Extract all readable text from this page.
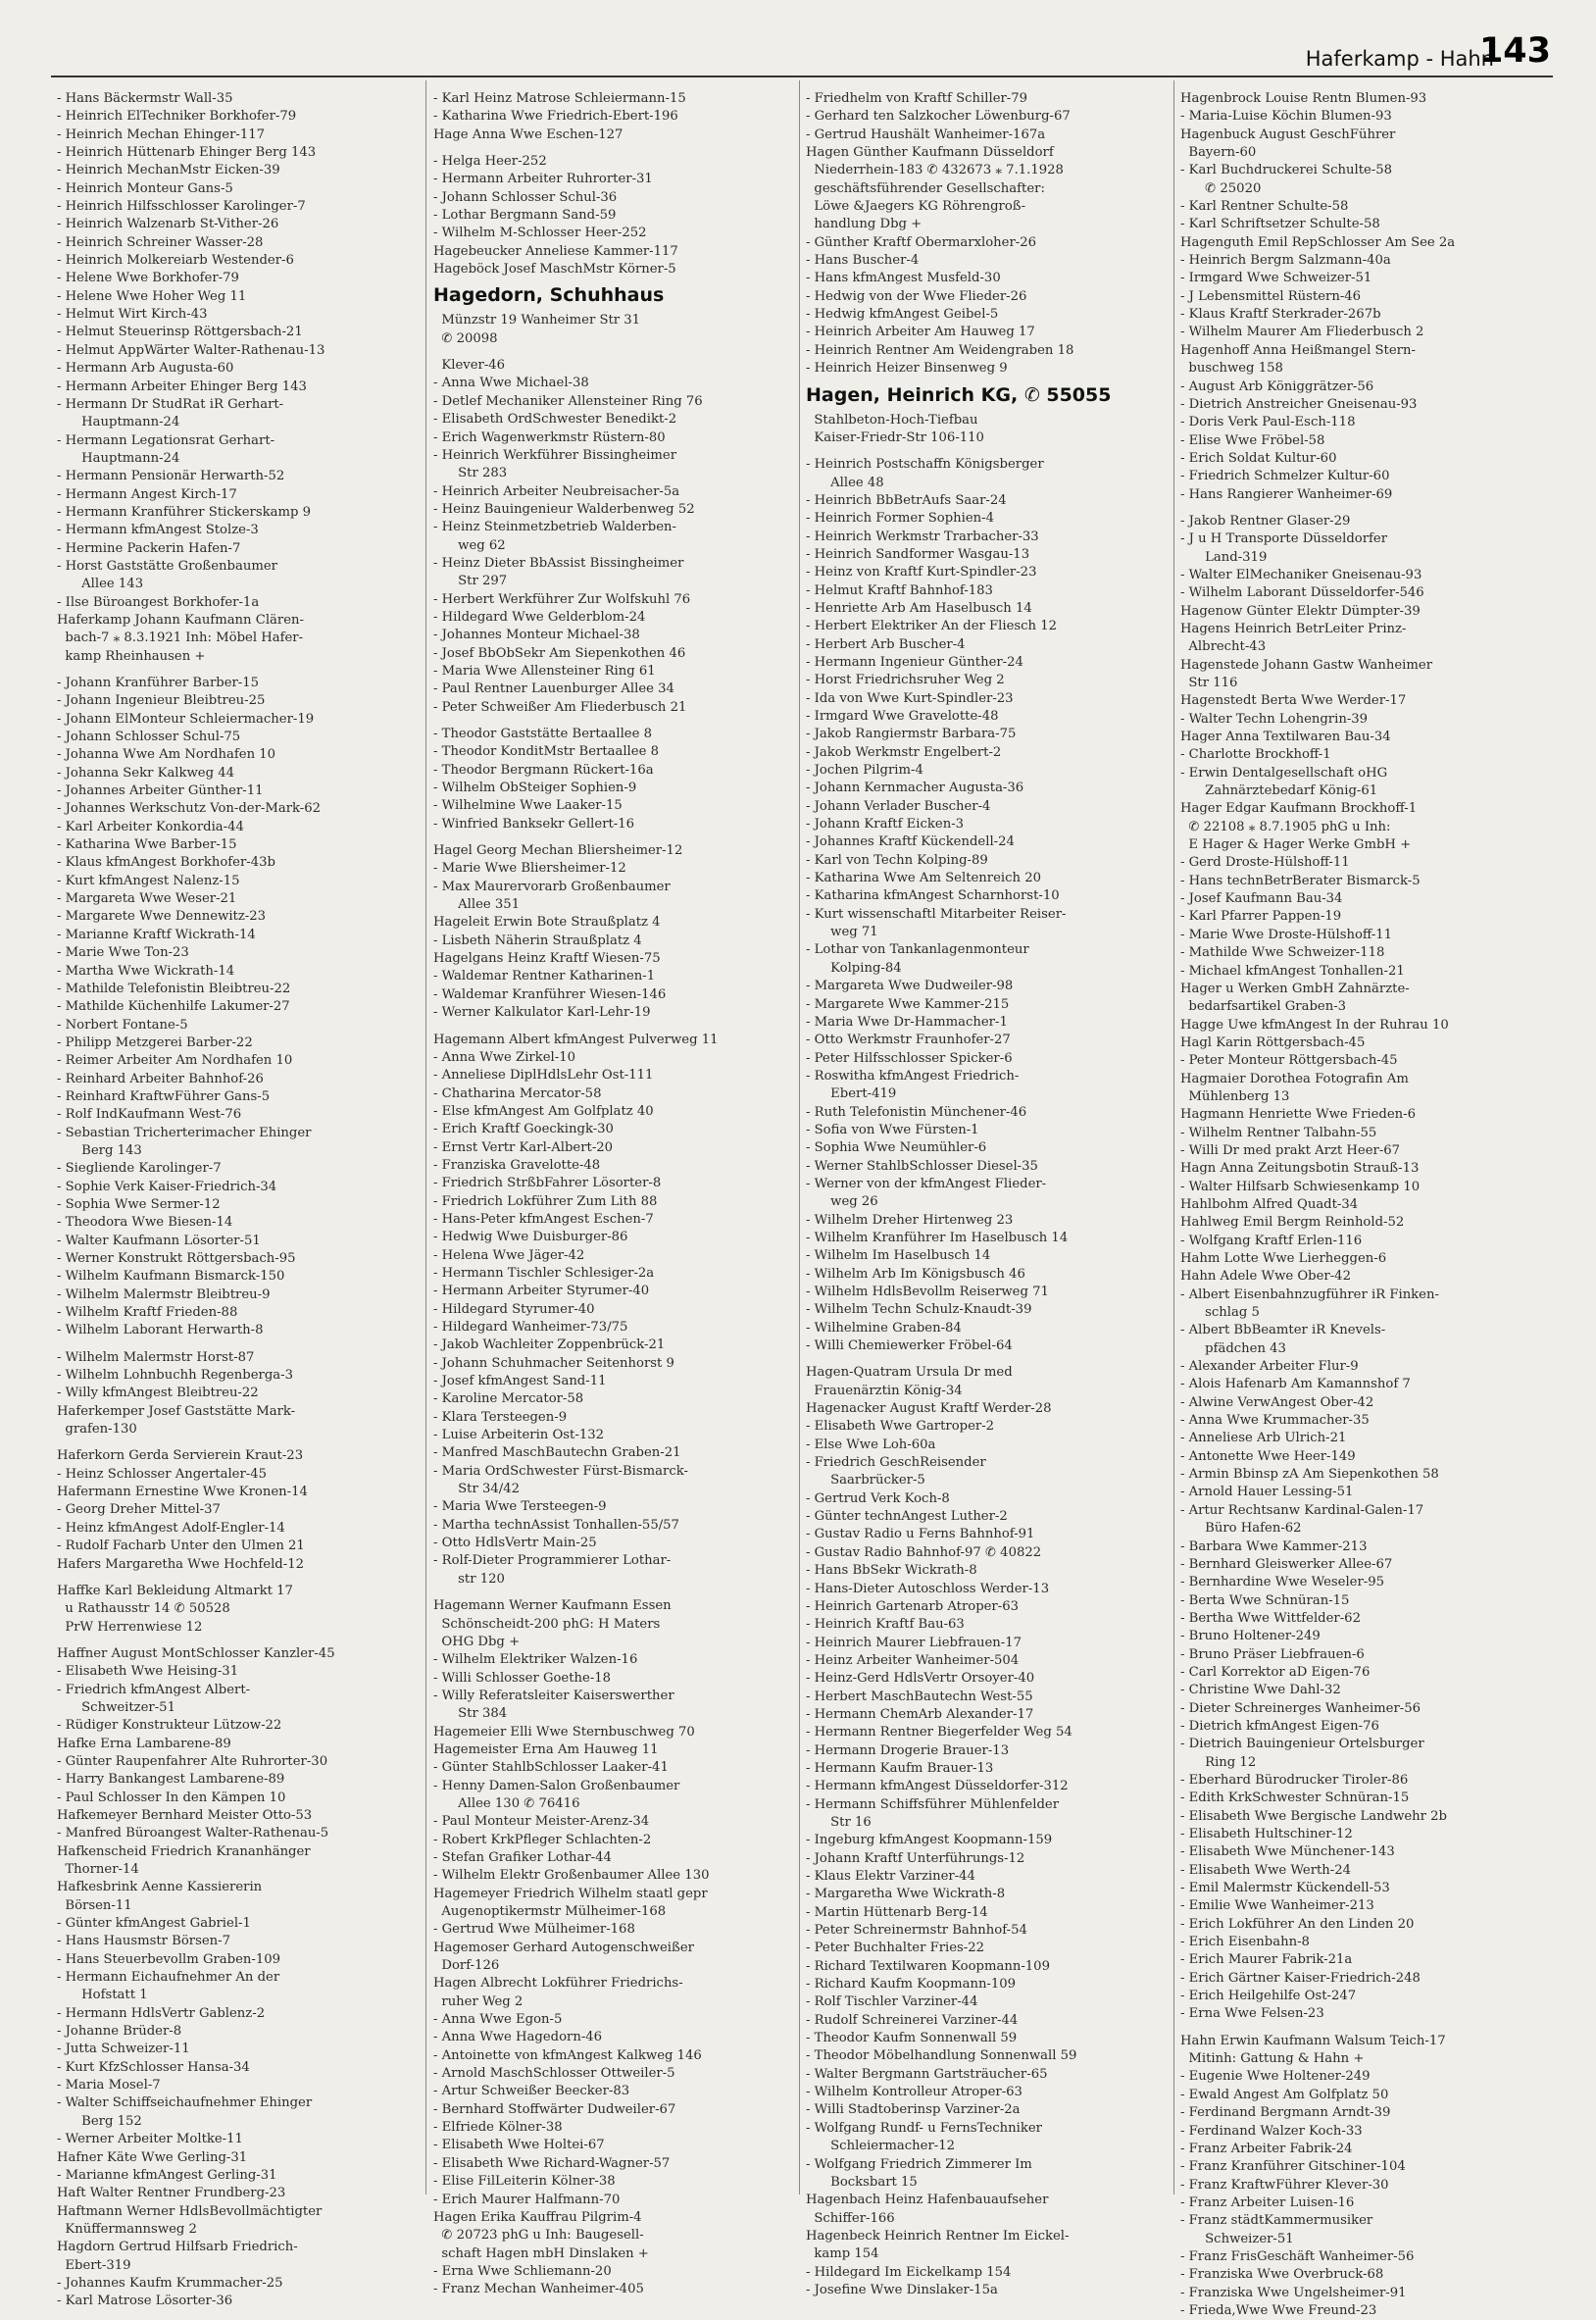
Haferkamp - Hahn
143
- Hans Bäckermstr Wall-35
- Heinrich ElTechniker Borkhofer-79
- Heinrich Mechan Ehinger-117
- Heinrich Hüttenarb Ehinger Berg 143
- Heinrich MechanMstr Eicken-39
- Heinrich Monteur Gans-5
- Heinrich Hilfsschlosser Karolinger-7
- Heinrich Walzenarb St-Vither-26
- Heinrich Schreiner Wasser-28
- Heinrich Molkereiarb Westender-6
- Helene Wwe Borkhofer-79
- Helene Wwe Hoher Weg 11
- Helmut Wirt Kirch-43
- Helmut Steuerinsp Röttgersbach-21
- Helmut AppWärter Walter-Rathenau-13
- Hermann Arb Augusta-60
- Hermann Arbeiter Ehinger Berg 143
- Hermann Dr StudRat iR Gerhart-
Hauptmann-24
- Hermann Legationsrat Gerhart-
Hauptmann-24
- Hermann Pensionär Herwarth-52
- Hermann Angest Kirch-17
- Hermann Kranführer Stickerskamp 9
- Hermann kfmAngest Stolze-3
- Hermine Packerin Hafen-7
- Horst Gaststätte Großenbaumer
Allee 143
- Ilse Büroangest Borkhofer-1a
Haferkamp Johann Kaufmann Clären-
bach-7 ⁎ 8.3.1921 Inh: Möbel Hafer-
kamp Rheinhausen +
- Johann Kranführer Barber-15
- Johann Ingenieur Bleibtreu-25
- Johann ElMonteur Schleiermacher-19
- Johann Schlosser Schul-75
- Johanna Wwe Am Nordhafen 10
- Johanna Sekr Kalkweg 44
- Johannes Arbeiter Günther-11
- Johannes Werkschutz Von-der-Mark-62
- Karl Arbeiter Konkordia-44
- Katharina Wwe Barber-15
- Klaus kfmAngest Borkhofer-43b
- Kurt kfmAngest Nalenz-15
- Margareta Wwe Weser-21
- Margarete Wwe Dennewitz-23
- Marianne Kraftf Wickrath-14
- Marie Wwe Ton-23
- Martha Wwe Wickrath-14
- Mathilde Telefonistin Bleibtreu-22
- Mathilde Küchenhilfe Lakumer-27
- Norbert Fontane-5
- Philipp Metzgerei Barber-22
- Reimer Arbeiter Am Nordhafen 10
- Reinhard Arbeiter Bahnhof-26
- Reinhard KraftwFührer Gans-5
- Rolf IndKaufmann West-76
- Sebastian Tricherterimacher Ehinger
Berg 143
- Siegliende Karolinger-7
- Sophie Verk Kaiser-Friedrich-34
- Sophia Wwe Sermer-12
- Theodora Wwe Biesen-14
- Walter Kaufmann Lösorter-51
- Werner Konstrukt Röttgersbach-95
- Wilhelm Kaufmann Bismarck-150
- Wilhelm Malermstr Bleibtreu-9
- Wilhelm Kraftf Frieden-88
- Wilhelm Laborant Herwarth-8
- Wilhelm Malermstr Horst-87
- Wilhelm Lohnbuchh Regenberga-3
- Willy kfmAngest Bleibtreu-22
Haferkemper Josef Gaststätte Mark-
grafen-130
Haferkorn Gerda Servierein Kraut-23
- Heinz Schlosser Angertaler-45
Hafermann Ernestine Wwe Kronen-14
- Georg Dreher Mittel-37
- Heinz kfmAngest Adolf-Engler-14
- Rudolf Facharb Unter den Ulmen 21
Hafers Margaretha Wwe Hochfeld-12
Haffke Karl Bekleidung Altmarkt 17
u Rathausstr 14 ✆ 50528
PrW Herrenwiese 12
Haffner August MontSchlosser Kanzler-45
- Elisabeth Wwe Heising-31
- Friedrich kfmAngest Albert-
Schweitzer-51
- Rüdiger Konstrukteur Lützow-22
Hafke Erna Lambarene-89
- Günter Raupenfahrer Alte Ruhrorter-30
- Harry Bankangest Lambarene-89
- Paul Schlosser In den Kämpen 10
Hafkemeyer Bernhard Meister Otto-53
- Manfred Büroangest Walter-Rathenau-5
Hafkenscheid Friedrich Krananhänger
Thorner-14
Hafkesbrink Aenne Kassiererin
Börsen-11
- Günter kfmAngest Gabriel-1
- Hans Hausmstr Börsen-7
- Hans Steuerbevollm Graben-109
- Hermann Eichaufnehmer An der
Hofstatt 1
- Hermann HdlsVertr Gablenz-2
- Johanne Brüder-8
- Jutta Schweizer-11
- Kurt KfzSchlosser Hansa-34
- Maria Mosel-7
- Walter Schiffseichaufnehmer Ehinger
Berg 152
- Werner Arbeiter Moltke-11
Hafner Käte Wwe Gerling-31
- Marianne kfmAngest Gerling-31
Haft Walter Rentner Frundberg-23
Haftmann Werner HdlsBevollmächtigter
Knüffermannsweg 2
Hagdorn Gertrud Hilfsarb Friedrich-
Ebert-319
- Johannes Kaufm Krummacher-25
- Karl Matrose Lösorter-36
- Karl Heinz Matrose Schleiermann-15
- Katharina Wwe Friedrich-Ebert-196
Hage Anna Wwe Eschen-127
- Helga Heer-252
- Hermann Arbeiter Ruhrorter-31
- Johann Schlosser Schul-36
- Lothar Bergmann Sand-59
- Wilhelm M-Schlosser Heer-252
Hagebeucker Anneliese Kammer-117
Hageböck Josef MaschMstr Körner-5
Hagedorn, Schuhhaus
Münzstr 19 Wanheimer Str 31
✆ 20098
Klever-46
- Anna Wwe Michael-38
- Detlef Mechaniker Allensteiner Ring 76
- Elisabeth OrdSchwester Benedikt-2
- Erich Wagenwerkmstr Rüstern-80
- Heinrich Werkführer Bissingheimer
Str 283
- Heinrich Arbeiter Neubreisacher-5a
- Heinz Bauingenieur Walderbenweg 52
- Heinz Steinmetzbetrieb Walderben-
weg 62
- Heinz Dieter BbAssist Bissingheimer
Str 297
- Herbert Werkführer Zur Wolfskuhl 76
- Hildegard Wwe Gelderblom-24
- Johannes Monteur Michael-38
- Josef BbObSekr Am Siepenkothen 46
- Maria Wwe Allensteiner Ring 61
- Paul Rentner Lauenburger Allee 34
- Peter Schweißer Am Fliederbusch 21
- Theodor Gaststätte Bertaallee 8
- Theodor KonditMstr Bertaallee 8
- Theodor Bergmann Rückert-16a
- Wilhelm ObSteiger Sophien-9
- Wilhelmine Wwe Laaker-15
- Winfried Banksekr Gellert-16
Hagel Georg Mechan Bliersheimer-12
- Marie Wwe Bliersheimer-12
- Max Maurervorarb Großenbaumer
Allee 351
Hageleit Erwin Bote Straußplatz 4
- Lisbeth Näherin Straußplatz 4
Hagelgans Heinz Kraftf Wiesen-75
- Waldemar Rentner Katharinen-1
- Waldemar Kranführer Wiesen-146
- Werner Kalkulator Karl-Lehr-19
Hagemann Albert kfmAngest Pulverweg 11
- Anna Wwe Zirkel-10
- Anneliese DiplHdlsLehr Ost-111
- Chatharina Mercator-58
- Else kfmAngest Am Golfplatz 40
- Erich Kraftf Goeckingk-30
- Ernst Vertr Karl-Albert-20
- Franziska Gravelotte-48
- Friedrich StrßbFahrer Lösorter-8
- Friedrich Lokführer Zum Lith 88
- Hans-Peter kfmAngest Eschen-7
- Hedwig Wwe Duisburger-86
- Helena Wwe Jäger-42
- Hermann Tischler Schlesiger-2a
- Hermann Arbeiter Styrumer-40
- Hildegard Styrumer-40
- Hildegard Wanheimer-73/75
- Jakob Wachleiter Zoppenbrück-21
- Johann Schuhmacher Seitenhorst 9
- Josef kfmAngest Sand-11
- Karoline Mercator-58
- Klara Tersteegen-9
- Luise Arbeiterin Ost-132
- Manfred MaschBautechn Graben-21
- Maria OrdSchwester Fürst-Bismarck-
Str 34/42
- Maria Wwe Tersteegen-9
- Martha technAssist Tonhallen-55/57
- Otto HdlsVertr Main-25
- Rolf-Dieter Programmierer Lothar-
str 120
Hagemann Werner Kaufmann Essen
Schönscheidt-200 phG: H Maters
OHG Dbg +
- Wilhelm Elektriker Walzen-16
- Willi Schlosser Goethe-18
- Willy Referatsleiter Kaiserswerther
Str 384
Hagemeier Elli Wwe Sternbuschweg 70
Hagemeister Erna Am Hauweg 11
- Günter StahlbSchlosser Laaker-41
- Henny Damen-Salon Großenbaumer
Allee 130 ✆ 76416
- Paul Monteur Meister-Arenz-34
- Robert KrkPfleger Schlachten-2
- Stefan Grafiker Lothar-44
- Wilhelm Elektr Großenbaumer Allee 130
Hagemeyer Friedrich Wilhelm staatl gepr
Augenoptikermstr Mülheimer-168
- Gertrud Wwe Mülheimer-168
Hagemoser Gerhard Autogenschweißer
Dorf-126
Hagen Albrecht Lokführer Friedrichs-
ruher Weg 2
- Anna Wwe Egon-5
- Anna Wwe Hagedorn-46
- Antoinette von kfmAngest Kalkweg 146
- Arnold MaschSchlosser Ottweiler-5
- Artur Schweißer Beecker-83
- Bernhard Stoffwärter Dudweiler-67
- Elfriede Kölner-38
- Elisabeth Wwe Holtei-67
- Elisabeth Wwe Richard-Wagner-57
- Elise FilLeiterin Kölner-38
- Erich Maurer Halfmann-70
Hagen Erika Kauffrau Pilgrim-4
✆ 20723 phG u Inh: Baugesell-
schaft Hagen mbH Dinslaken +
- Erna Wwe Schliemann-20
- Franz Mechan Wanheimer-405
- Friedhelm von Kraftf Schiller-79
- Gerhard ten Salzkocher Löwenburg-67
- Gertrud Haushält Wanheimer-167a
Hagen Günther Kaufmann Düsseldorf
Niederrhein-183 ✆ 432673 ⁎ 7.1.1928
geschäftsführender Gesellschafter:
Löwe &Jaegers KG Röhrengroß-
handlung Dbg +
- Günther Kraftf Obermarxloher-26
- Hans Buscher-4
- Hans kfmAngest Musfeld-30
- Hedwig von der Wwe Flieder-26
- Hedwig kfmAngest Geibel-5
- Heinrich Arbeiter Am Hauweg 17
- Heinrich Rentner Am Weidengraben 18
- Heinrich Heizer Binsenweg 9
Hagen, Heinrich KG, ✆ 55055
Stahlbeton-Hoch-Tiefbau
Kaiser-Friedr-Str 106-110
- Heinrich Postschaffn Königsberger
Allee 48
- Heinrich BbBetrAufs Saar-24
- Heinrich Former Sophien-4
- Heinrich Werkmstr Trarbacher-33
- Heinrich Sandformer Wasgau-13
- Heinz von Kraftf Kurt-Spindler-23
- Helmut Kraftf Bahnhof-183
- Henriette Arb Am Haselbusch 14
- Herbert Elektriker An der Fliesch 12
- Herbert Arb Buscher-4
- Hermann Ingenieur Günther-24
- Horst Friedrichsruher Weg 2
- Ida von Wwe Kurt-Spindler-23
- Irmgard Wwe Gravelotte-48
- Jakob Rangiermstr Barbara-75
- Jakob Werkmstr Engelbert-2
- Jochen Pilgrim-4
- Johann Kernmacher Augusta-36
- Johann Verlader Buscher-4
- Johann Kraftf Eicken-3
- Johannes Kraftf Kückendell-24
- Karl von Techn Kolping-89
- Katharina Wwe Am Seltenreich 20
- Katharina kfmAngest Scharnhorst-10
- Kurt wissenschaftl Mitarbeiter Reiser-
weg 71
- Lothar von Tankanlagenmonteur
Kolping-84
- Margareta Wwe Dudweiler-98
- Margarete Wwe Kammer-215
- Maria Wwe Dr-Hammacher-1
- Otto Werkmstr Fraunhofer-27
- Peter Hilfsschlosser Spicker-6
- Roswitha kfmAngest Friedrich-
Ebert-419
- Ruth Telefonistin Münchener-46
- Sofia von Wwe Fürsten-1
- Sophia Wwe Neumühler-6
- Werner StahlbSchlosser Diesel-35
- Werner von der kfmAngest Flieder-
weg 26
- Wilhelm Dreher Hirtenweg 23
- Wilhelm Kranführer Im Haselbusch 14
- Wilhelm Im Haselbusch 14
- Wilhelm Arb Im Königsbusch 46
- Wilhelm HdlsBevollm Reiserweg 71
- Wilhelm Techn Schulz-Knaudt-39
- Wilhelmine Graben-84
- Willi Chemiewerker Fröbel-64
Hagen-Quatram Ursula Dr med
Frauenärztin König-34
Hagenacker August Kraftf Werder-28
- Elisabeth Wwe Gartroper-2
- Else Wwe Loh-60a
- Friedrich GeschReisender
Saarbrücker-5
- Gertrud Verk Koch-8
- Günter technAngest Luther-2
- Gustav Radio u Ferns Bahnhof-91
- Gustav Radio Bahnhof-97 ✆ 40822
- Hans BbSekr Wickrath-8
- Hans-Dieter Autoschloss Werder-13
- Heinrich Gartenarb Atroper-63
- Heinrich Kraftf Bau-63
- Heinrich Maurer Liebfrauen-17
- Heinz Arbeiter Wanheimer-504
- Heinz-Gerd HdlsVertr Orsoyer-40
- Herbert MaschBautechn West-55
- Hermann ChemArb Alexander-17
- Hermann Rentner Biegerfelder Weg 54
- Hermann Drogerie Brauer-13
- Hermann Kaufm Brauer-13
- Hermann kfmAngest Düsseldorfer-312
- Hermann Schiffsführer Mühlenfelder
Str 16
- Ingeburg kfmAngest Koopmann-159
- Johann Kraftf Unterführungs-12
- Klaus Elektr Varziner-44
- Margaretha Wwe Wickrath-8
- Martin Hüttenarb Berg-14
- Peter Schreinermstr Bahnhof-54
- Peter Buchhalter Fries-22
- Richard Textilwaren Koopmann-109
- Richard Kaufm Koopmann-109
- Rolf Tischler Varziner-44
- Rudolf Schreinerei Varziner-44
- Theodor Kaufm Sonnenwall 59
- Theodor Möbelhandlung Sonnenwall 59
- Walter Bergmann Gartsträucher-65
- Wilhelm Kontrolleur Atroper-63
- Willi Stadtoberinsp Varziner-2a
- Wolfgang Rundf- u FernsTechniker
Schleiermacher-12
- Wolfgang Friedrich Zimmerer Im
Bocksbart 15
Hagenbach Heinz Hafenbauaufseher
Schiffer-166
Hagenbeck Heinrich Rentner Im Eickel-
kamp 154
- Hildegard Im Eickelkamp 154
- Josefine Wwe Dinslaker-15a
Hagenbrock Louise Rentn Blumen-93
- Maria-Luise Köchin Blumen-93
Hagenbuck August GeschFührer
Bayern-60
- Karl Buchdruckerei Schulte-58
✆ 25020
- Karl Rentner Schulte-58
- Karl Schriftsetzer Schulte-58
Hagenguth Emil RepSchlosser Am See 2a
- Heinrich Bergm Salzmann-40a
- Irmgard Wwe Schweizer-51
- J Lebensmittel Rüstern-46
- Klaus Kraftf Sterkrader-267b
- Wilhelm Maurer Am Fliederbusch 2
Hagenhoff Anna Heißmangel Stern-
buschweg 158
- August Arb Königgrätzer-56
- Dietrich Anstreicher Gneisenau-93
- Doris Verk Paul-Esch-118
- Elise Wwe Fröbel-58
- Erich Soldat Kultur-60
- Friedrich Schmelzer Kultur-60
- Hans Rangierer Wanheimer-69
- Jakob Rentner Glaser-29
- J u H Transporte Düsseldorfer
Land-319
- Walter ElMechaniker Gneisenau-93
- Wilhelm Laborant Düsseldorfer-546
Hagenow Günter Elektr Dümpter-39
Hagens Heinrich BetrLeiter Prinz-
Albrecht-43
Hagenstede Johann Gastw Wanheimer
Str 116
Hagenstedt Berta Wwe Werder-17
- Walter Techn Lohengrin-39
Hager Anna Textilwaren Bau-34
- Charlotte Brockhoff-1
- Erwin Dentalgesellschaft oHG
Zahnärztebedarf König-61
Hager Edgar Kaufmann Brockhoff-1
✆ 22108 ⁎ 8.7.1905 phG u Inh:
E Hager & Hager Werke GmbH +
- Gerd Droste-Hülshoff-11
- Hans technBetrBerater Bismarck-5
- Josef Kaufmann Bau-34
- Karl Pfarrer Pappen-19
- Marie Wwe Droste-Hülshoff-11
- Mathilde Wwe Schweizer-118
- Michael kfmAngest Tonhallen-21
Hager u Werken GmbH Zahnärzte-
bedarfsartikel Graben-3
Hagge Uwe kfmAngest In der Ruhrau 10
Hagl Karin Röttgersbach-45
- Peter Monteur Röttgersbach-45
Hagmaier Dorothea Fotografin Am
Mühlenberg 13
Hagmann Henriette Wwe Frieden-6
- Wilhelm Rentner Talbahn-55
- Willi Dr med prakt Arzt Heer-67
Hagn Anna Zeitungsbotin Strauß-13
- Walter Hilfsarb Schwiesenkamp 10
Hahlbohm Alfred Quadt-34
Hahlweg Emil Bergm Reinhold-52
- Wolfgang Kraftf Erlen-116
Hahm Lotte Wwe Lierheggen-6
Hahn Adele Wwe Ober-42
- Albert Eisenbahnzugführer iR Finken-
schlag 5
- Albert BbBeamter iR Knevels-
pfädchen 43
- Alexander Arbeiter Flur-9
- Alois Hafenarb Am Kamannshof 7
- Alwine VerwAngest Ober-42
- Anna Wwe Krummacher-35
- Anneliese Arb Ulrich-21
- Antonette Wwe Heer-149
- Armin Bbinsp zA Am Siepenkothen 58
- Arnold Hauer Lessing-51
- Artur Rechtsanw Kardinal-Galen-17
Büro Hafen-62
- Barbara Wwe Kammer-213
- Bernhard Gleiswerker Allee-67
- Bernhardine Wwe Weseler-95
- Berta Wwe Schnüran-15
- Bertha Wwe Wittfelder-62
- Bruno Holtener-249
- Bruno Präser Liebfrauen-6
- Carl Korrektor aD Eigen-76
- Christine Wwe Dahl-32
- Dieter Schreinerges Wanheimer-56
- Dietrich kfmAngest Eigen-76
- Dietrich Bauingenieur Ortelsburger
Ring 12
- Eberhard Bürodrucker Tiroler-86
- Edith KrkSchwester Schnüran-15
- Elisabeth Wwe Bergische Landwehr 2b
- Elisabeth Hultschiner-12
- Elisabeth Wwe Münchener-143
- Elisabeth Wwe Werth-24
- Emil Malermstr Kückendell-53
- Emilie Wwe Wanheimer-213
- Erich Lokführer An den Linden 20
- Erich Eisenbahn-8
- Erich Maurer Fabrik-21a
- Erich Gärtner Kaiser-Friedrich-248
- Erich Heilgehilfe Ost-247
- Erna Wwe Felsen-23
Hahn Erwin Kaufmann Walsum Teich-17
Mitinh: Gattung & Hahn +
- Eugenie Wwe Holtener-249
- Ewald Angest Am Golfplatz 50
- Ferdinand Bergmann Arndt-39
- Ferdinand Walzer Koch-33
- Franz Arbeiter Fabrik-24
- Franz Kranführer Gitschiner-104
- Franz KraftwFührer Klever-30
- Franz Arbeiter Luisen-16
- Franz städtKammermusiker
Schweizer-51
- Franz FrisGeschäft Wanheimer-56
- Franziska Wwe Overbruck-68
- Franziska Wwe Ungelsheimer-91
- Frieda,Wwe Wwe Freund-23
